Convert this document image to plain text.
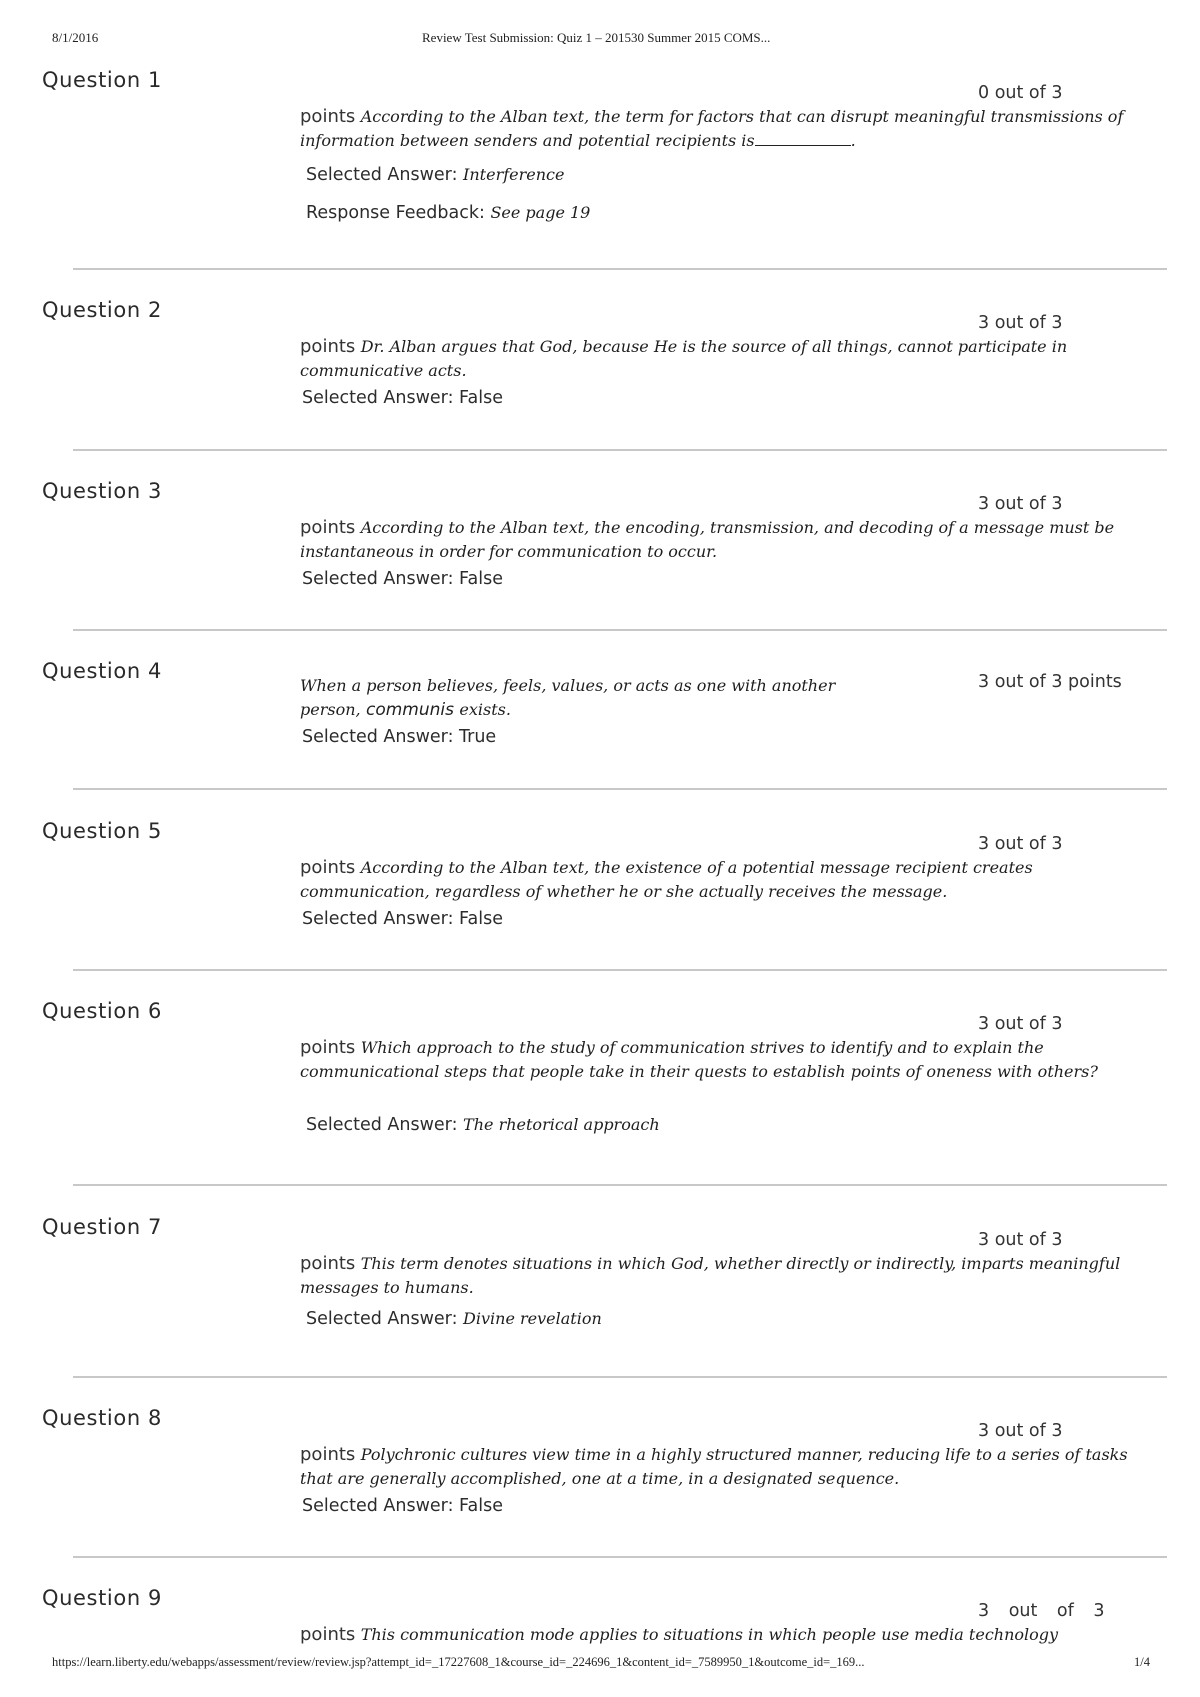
8/1/2016	Review Test Submission: Quiz 1 – 201530 Summer 2015 COMS...
Question 1
0 out of 3
points According to the Alban text, the term for factors that can disrupt meaningful transmissions of information between senders and potential recipients is	.
Selected Answer: Interference
Response Feedback: See page 19
Question 2
3 out of 3
points Dr. Alban argues that God, because He is the source of all things, cannot participate in communicative acts.
Selected Answer: False
Question 3
3 out of 3
points According to the Alban text, the encoding, transmission, and decoding of a message must be instantaneous in order for communication to occur.
Selected Answer: False
Question 4	3 out of 3 points
When a person believes, feels, values, or acts as one with another person, communis exists.
Selected Answer: True
Question 5
3 out of 3
points According to the Alban text, the existence of a potential message recipient creates communication, regardless of whether he or she actually receives the message.
Selected Answer: False
Question 6
3 out of 3
points Which approach to the study of communication strives to identify and to explain the communicational steps that people take in their quests to establish points of oneness with others?
Selected Answer: The rhetorical approach
Question 7
3 out of 3
points This term denotes situations in which God, whether directly or indirectly, imparts meaningful messages to humans.
Selected Answer: Divine revelation
Question 8
3 out of 3
points Polychronic cultures view time in a highly structured manner, reducing life to a series of tasks that are generally accomplished, one at a time, in a designated sequence.
Selected Answer: False
Question 9
3 out of 3
points This communication mode applies to situations in which people use media technology
https://learn.liberty.edu/webapps/assessment/review/review.jsp?attempt_id=_17227608_1&course_id=_224696_1&content_id=_7589950_1&outcome_id=_169...	1/4
